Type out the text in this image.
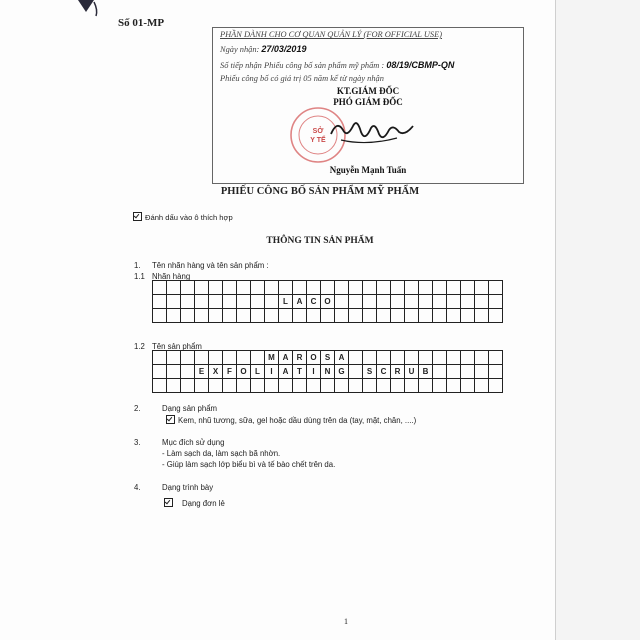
Số 01-MP
PHẦN DÀNH CHO CƠ QUAN QUẢN LÝ (FOR OFFICIAL USE)
Ngày nhận: 27/03/2019
Số tiếp nhận Phiếu công bố sản phẩm mỹ phẩm : 08/19/CBMP-QN
Phiếu công bố có giá trị 05 năm kể từ ngày nhận
KT.GIÁM ĐỐC
PHÓ GIÁM ĐỐC
SỞ
Y TẾ
Nguyễn Mạnh Tuấn
PHIẾU CÔNG BỐ SẢN PHẨM MỸ PHẨM
Đánh dấu vào ô thích hợp
THÔNG TIN SẢN PHẨM
1. Tên nhãn hàng và tên sản phẩm :
1.1 Nhãn hàng

									L	A	C	O												

1.2 Tên sản phẩm
								M	A	R	O	S	A											
			E	X	F	O	L	I	A	T	I	N	G		S	C	R	U	B					

2.	Dạng sản phẩm
Kem, nhũ tương, sữa, gel hoặc dầu dùng trên da (tay, mặt, chân, ....)
3.	Mục đích sử dụng
- Làm sạch da, làm sạch bã nhờn.
- Giúp làm sạch lớp biểu bì và tế bào chết trên da.
4.	Dạng trình bày
Dạng đơn lẻ
1
